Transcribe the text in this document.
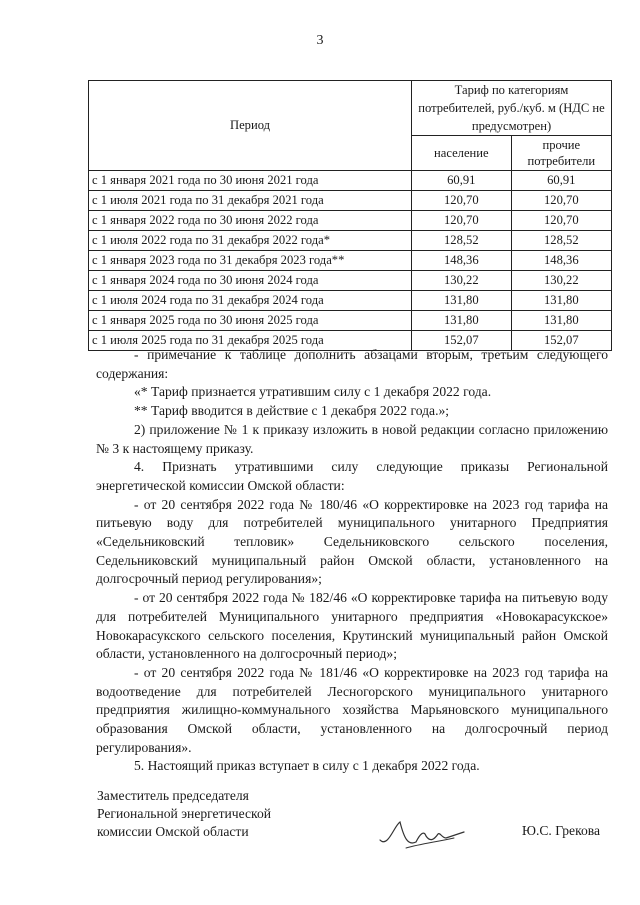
3
Период	Тариф по категориям потребителей, руб./куб. м (НДС не предусмотрен)	
	население	прочие потребители
с 1 января 2021 года по 30 июня 2021 года	60,91	60,91
с 1 июля 2021 года по 31 декабря 2021 года	120,70	120,70
с 1 января 2022 года по 30 июня 2022 года	120,70	120,70
с 1 июля 2022 года по 31 декабря 2022 года*	128,52	128,52
с 1 января 2023 года по 31 декабря 2023 года**	148,36	148,36
с 1 января 2024 года по 30 июня 2024 года	130,22	130,22
с 1 июля 2024 года по 31 декабря 2024 года	131,80	131,80
с 1 января 2025 года по 30 июня 2025 года	131,80	131,80
с 1 июля 2025 года по 31 декабря 2025 года	152,07	152,07

- примечание к таблице дополнить абзацами вторым, третьим следующего содержания:

«* Тариф признается утратившим силу с 1 декабря 2022 года.

** Тариф вводится в действие с 1 декабря 2022 года.»;

2) приложение № 1 к приказу изложить в новой редакции согласно приложению № 3 к настоящему приказу.

4. Признать утратившими силу следующие приказы Региональной энергетической комиссии Омской области:

- от 20 сентября 2022 года № 180/46 «О корректировке на 2023 год тарифа на питьевую воду для потребителей муниципального унитарного Предприятия «Седельниковский тепловик» Седельниковского сельского поселения, Седельниковский муниципальный район Омской области, установленного на долгосрочный период регулирования»;

- от 20 сентября 2022 года № 182/46 «О корректировке тарифа на питьевую воду для потребителей Муниципального унитарного предприятия «Новокарасукское» Новокарасукского сельского поселения, Крутинский муниципальный район Омской области, установленного на долгосрочный период»;

- от 20 сентября 2022 года № 181/46 «О корректировке на 2023 год тарифа на водоотведение для потребителей Лесногорского муниципального унитарного предприятия жилищно-коммунального хозяйства Марьяновского муниципального образования Омской области, установленного на долгосрочный период регулирования».

5. Настоящий приказ вступает в силу с 1 декабря 2022 года.

Заместитель председателя
Региональной энергетической
комиссии Омской области	Ю.С. Грекова
